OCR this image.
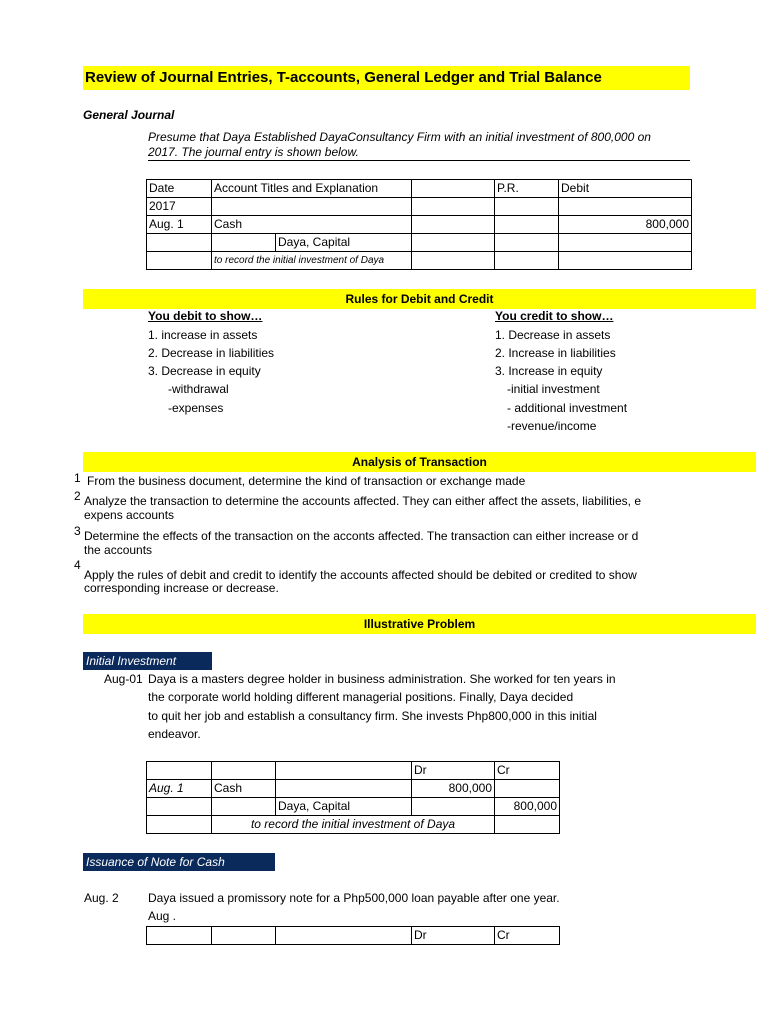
Review of Journal Entries, T-accounts, General Ledger and Trial Balance
General Journal
Presume that Daya Established DayaConsultancy Firm with an initial investment of 800,000 on
2017. The journal entry is shown below.
Date	Account Titles and Explanation			P.R.	Debit
2017					
Aug. 1	Cash				800,000
		Daya, Capital			
	to record the initial investment of Daya				
Rules for Debit and Credit
You debit to show…
1. increase in assets
2. Decrease in liabilities
3. Decrease in equity
-withdrawal
-expenses
You credit to show…
1. Decrease in assets
2. Increase in liabilities
3. Increase in equity
-initial investment
- additional investment
-revenue/income
Analysis of Transaction
1 From the business document, determine the kind of transaction or exchange made
2 Analyze the transaction to determine the accounts affected. They can either affect the assets, liabilities, e
expens accounts
3 Determine the effects of the transaction on the acconts affected. The transaction can either increase or d
the accounts
4
Apply the rules of debit and credit to identify the accounts affected should be debited or credited to show
corresponding increase or decrease.
Illustrative Problem
Initial Investment
Aug-01 Daya is a masters degree holder in business administration. She worked for ten years in
the corporate world holding different managerial positions. Finally, Daya decided
to quit her job and establish a consultancy firm. She invests Php800,000 in this initial
endeavor.
			Dr	Cr
Aug. 1	Cash		800,000	
		Daya, Capital		800,000
	to record the initial investment of Daya			
Issuance of Note for Cash
Aug. 2 Daya issued a promissory note for a Php500,000 loan payable after one year.
Aug .
			Dr	Cr
